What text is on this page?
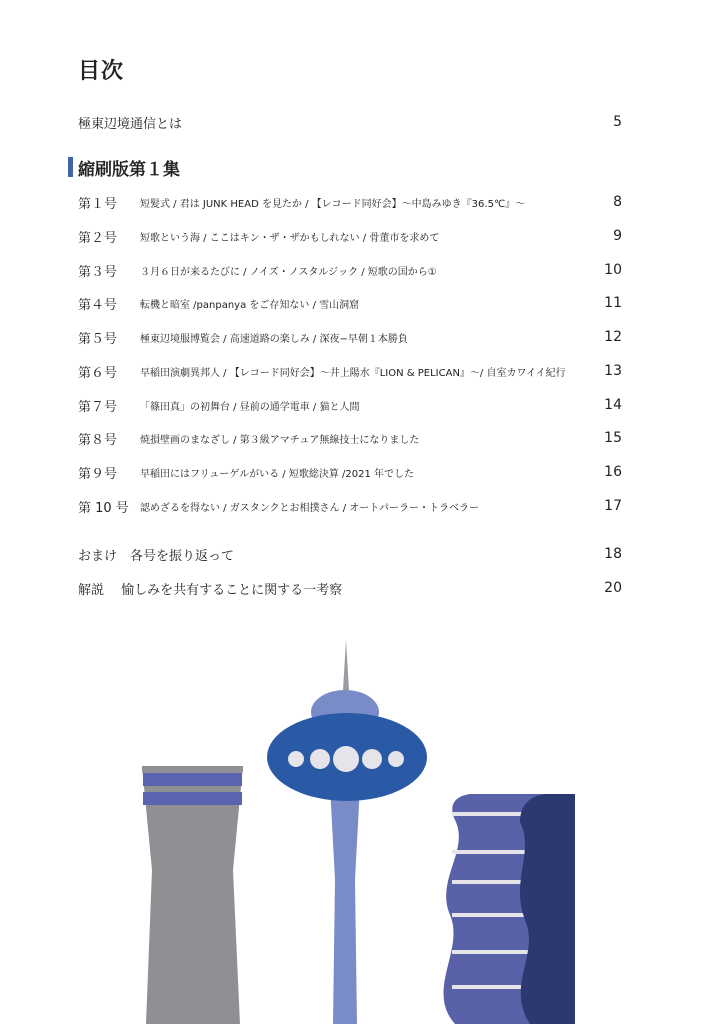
目次
極東辺境通信とは	5
縮刷版第１集
第１号	短髪式 / 君は JUNK HEAD を見たか / 【レコード同好会】～中島みゆき『36.5℃』～	8
第２号	短歌という海 / ここはキン・ザ・ザかもしれない / 骨董市を求めて	9
第３号	３月６日が来るたびに / ノイズ・ノスタルジック / 短歌の国から①	10
第４号	転機と暗室 /panpanya をご存知ない / 雪山洞窟	11
第５号	極東辺境服博覧会 / 高速道路の楽しみ / 深夜−早朝１本勝負	12
第６号	早稲田演劇異邦人 / 【レコード同好会】～井上陽水『LION & PELICAN』～/ 自室カワイイ紀行	13
第７号	「篠田真」の初舞台 / 昼前の通学電車 / 猫と人間	14
第８号	焼損壁画のまなざし / 第３級アマチュア無線技士になりました	15
第９号	早稲田にはフリューゲルがいる / 短歌総決算 /2021 年でした	16
第 10 号	認めざるを得ない / ガスタンクとお相撲さん / オートパーラー・トラベラー	17
おまけ　各号を振り返って	18
解説　 愉しみを共有することに関する一考察	20
